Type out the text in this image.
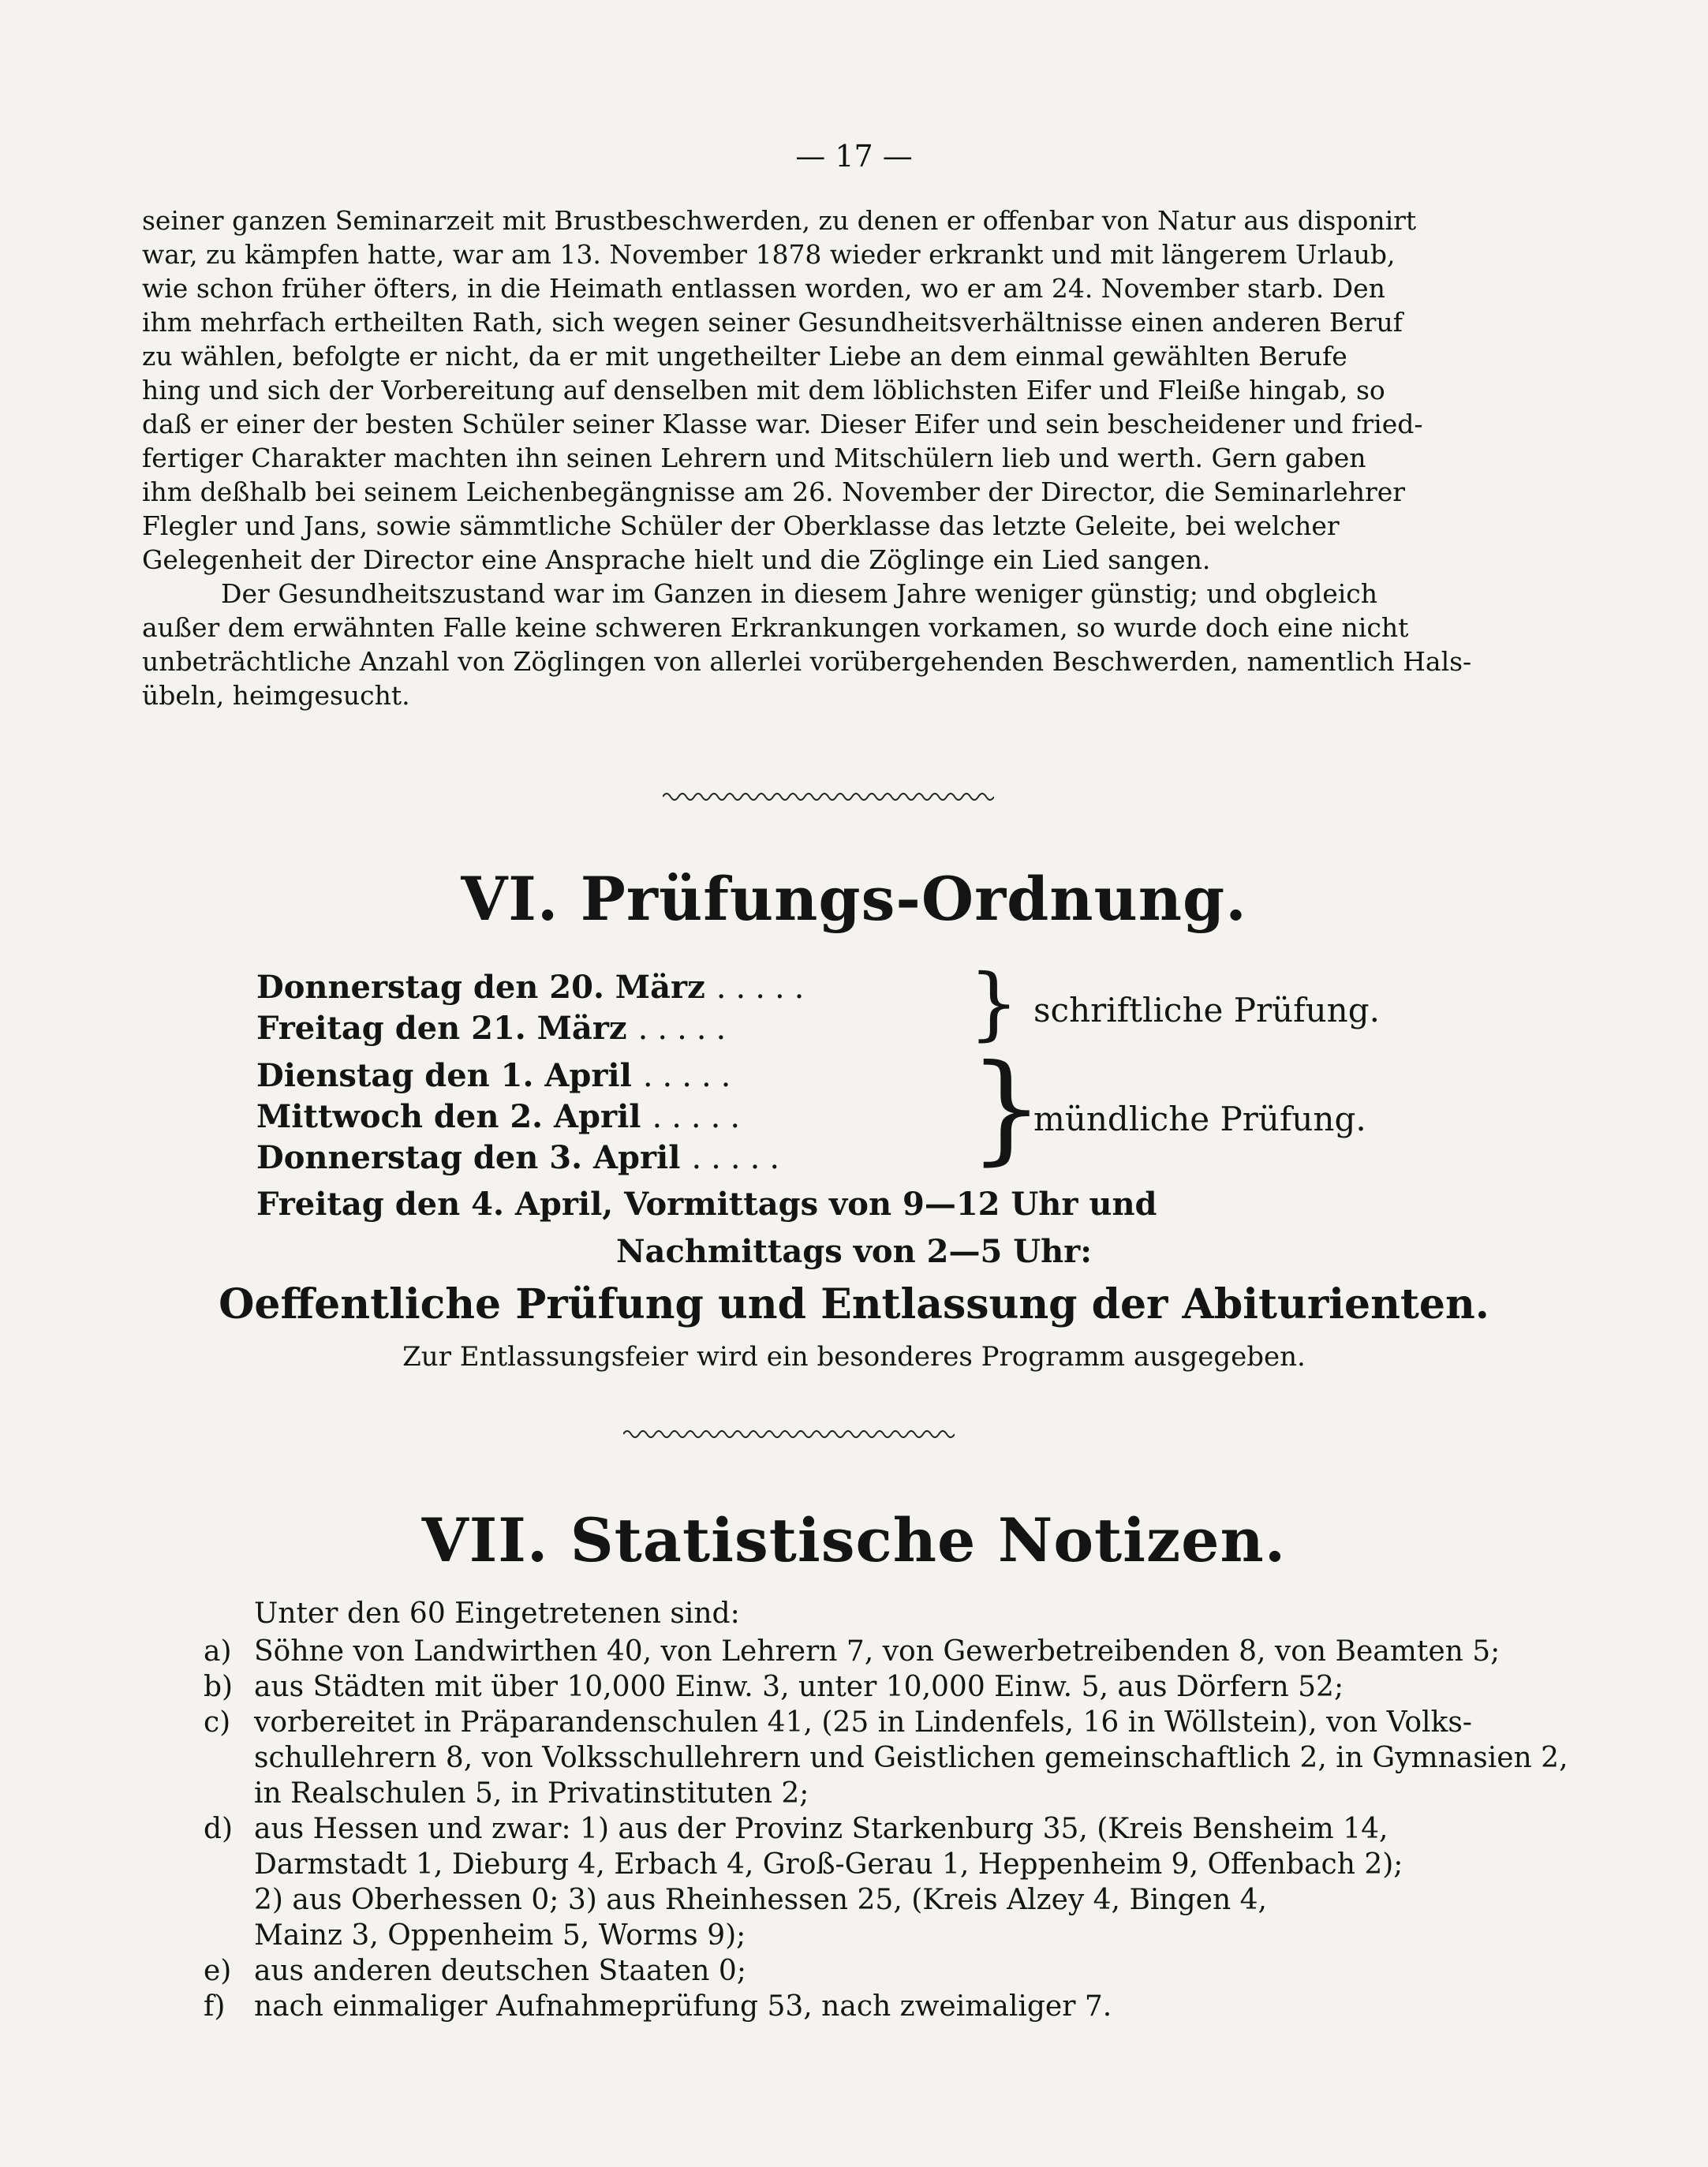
— 17 —
seiner ganzen Seminarzeit mit Brustbeschwerden, zu denen er offenbar von Natur aus disponirt
war, zu kämpfen hatte, war am 13. November 1878 wieder erkrankt und mit längerem Urlaub,
wie schon früher öfters, in die Heimath entlassen worden, wo er am 24. November starb. Den
ihm mehrfach ertheilten Rath, sich wegen seiner Gesundheitsverhältnisse einen anderen Beruf
zu wählen, befolgte er nicht, da er mit ungetheilter Liebe an dem einmal gewählten Berufe
hing und sich der Vorbereitung auf denselben mit dem löblichsten Eifer und Fleiße hingab, so
daß er einer der besten Schüler seiner Klasse war. Dieser Eifer und sein bescheidener und fried-
fertiger Charakter machten ihn seinen Lehrern und Mitschülern lieb und werth. Gern gaben
ihm deßhalb bei seinem Leichenbegängnisse am 26. November der Director, die Seminarlehrer
Flegler und Jans, sowie sämmtliche Schüler der Oberklasse das letzte Geleite, bei welcher
Gelegenheit der Director eine Ansprache hielt und die Zöglinge ein Lied sangen.
Der Gesundheitszustand war im Ganzen in diesem Jahre weniger günstig; und obgleich
außer dem erwähnten Falle keine schweren Erkrankungen vorkamen, so wurde doch eine nicht
unbeträchtliche Anzahl von Zöglingen von allerlei vorübergehenden Beschwerden, namentlich Hals-
übeln, heimgesucht.
VI. Prüfungs-Ordnung.
Donnerstag den 20. März .....
Freitag den 21. März .....	} schriftliche Prüfung.
Dienstag den 1. April .....
Mittwoch den 2. April .....
Donnerstag den 3. April ..... }
mündliche Prüfung.
Freitag den 4. April, Vormittags von 9—12 Uhr und
Nachmittags von 2—5 Uhr:
Oeffentliche Prüfung und Entlassung der Abiturienten.
Zur Entlassungsfeier wird ein besonderes Programm ausgegeben.
VII. Statistische Notizen.
Unter den 60 Eingetretenen sind:
a) Söhne von Landwirthen 40, von Lehrern 7, von Gewerbetreibenden 8, von Beamten 5;
b) aus Städten mit über 10,000 Einw. 3, unter 10,000 Einw. 5, aus Dörfern 52;
c) vorbereitet in Präparandenschulen 41, (25 in Lindenfels, 16 in Wöllstein), von Volks-
schullehrern 8, von Volksschullehrern und Geistlichen gemeinschaftlich 2, in Gymnasien 2,
in Realschulen 5, in Privatinstituten 2;
d) aus Hessen und zwar: 1) aus der Provinz Starkenburg 35, (Kreis Bensheim 14,
Darmstadt 1, Dieburg 4, Erbach 4, Groß-Gerau 1, Heppenheim 9, Offenbach 2);
2) aus Oberhessen 0; 3) aus Rheinhessen 25, (Kreis Alzey 4, Bingen 4,
Mainz 3, Oppenheim 5, Worms 9);
e) aus anderen deutschen Staaten 0;
f) nach einmaliger Aufnahmeprüfung 53, nach zweimaliger 7.
